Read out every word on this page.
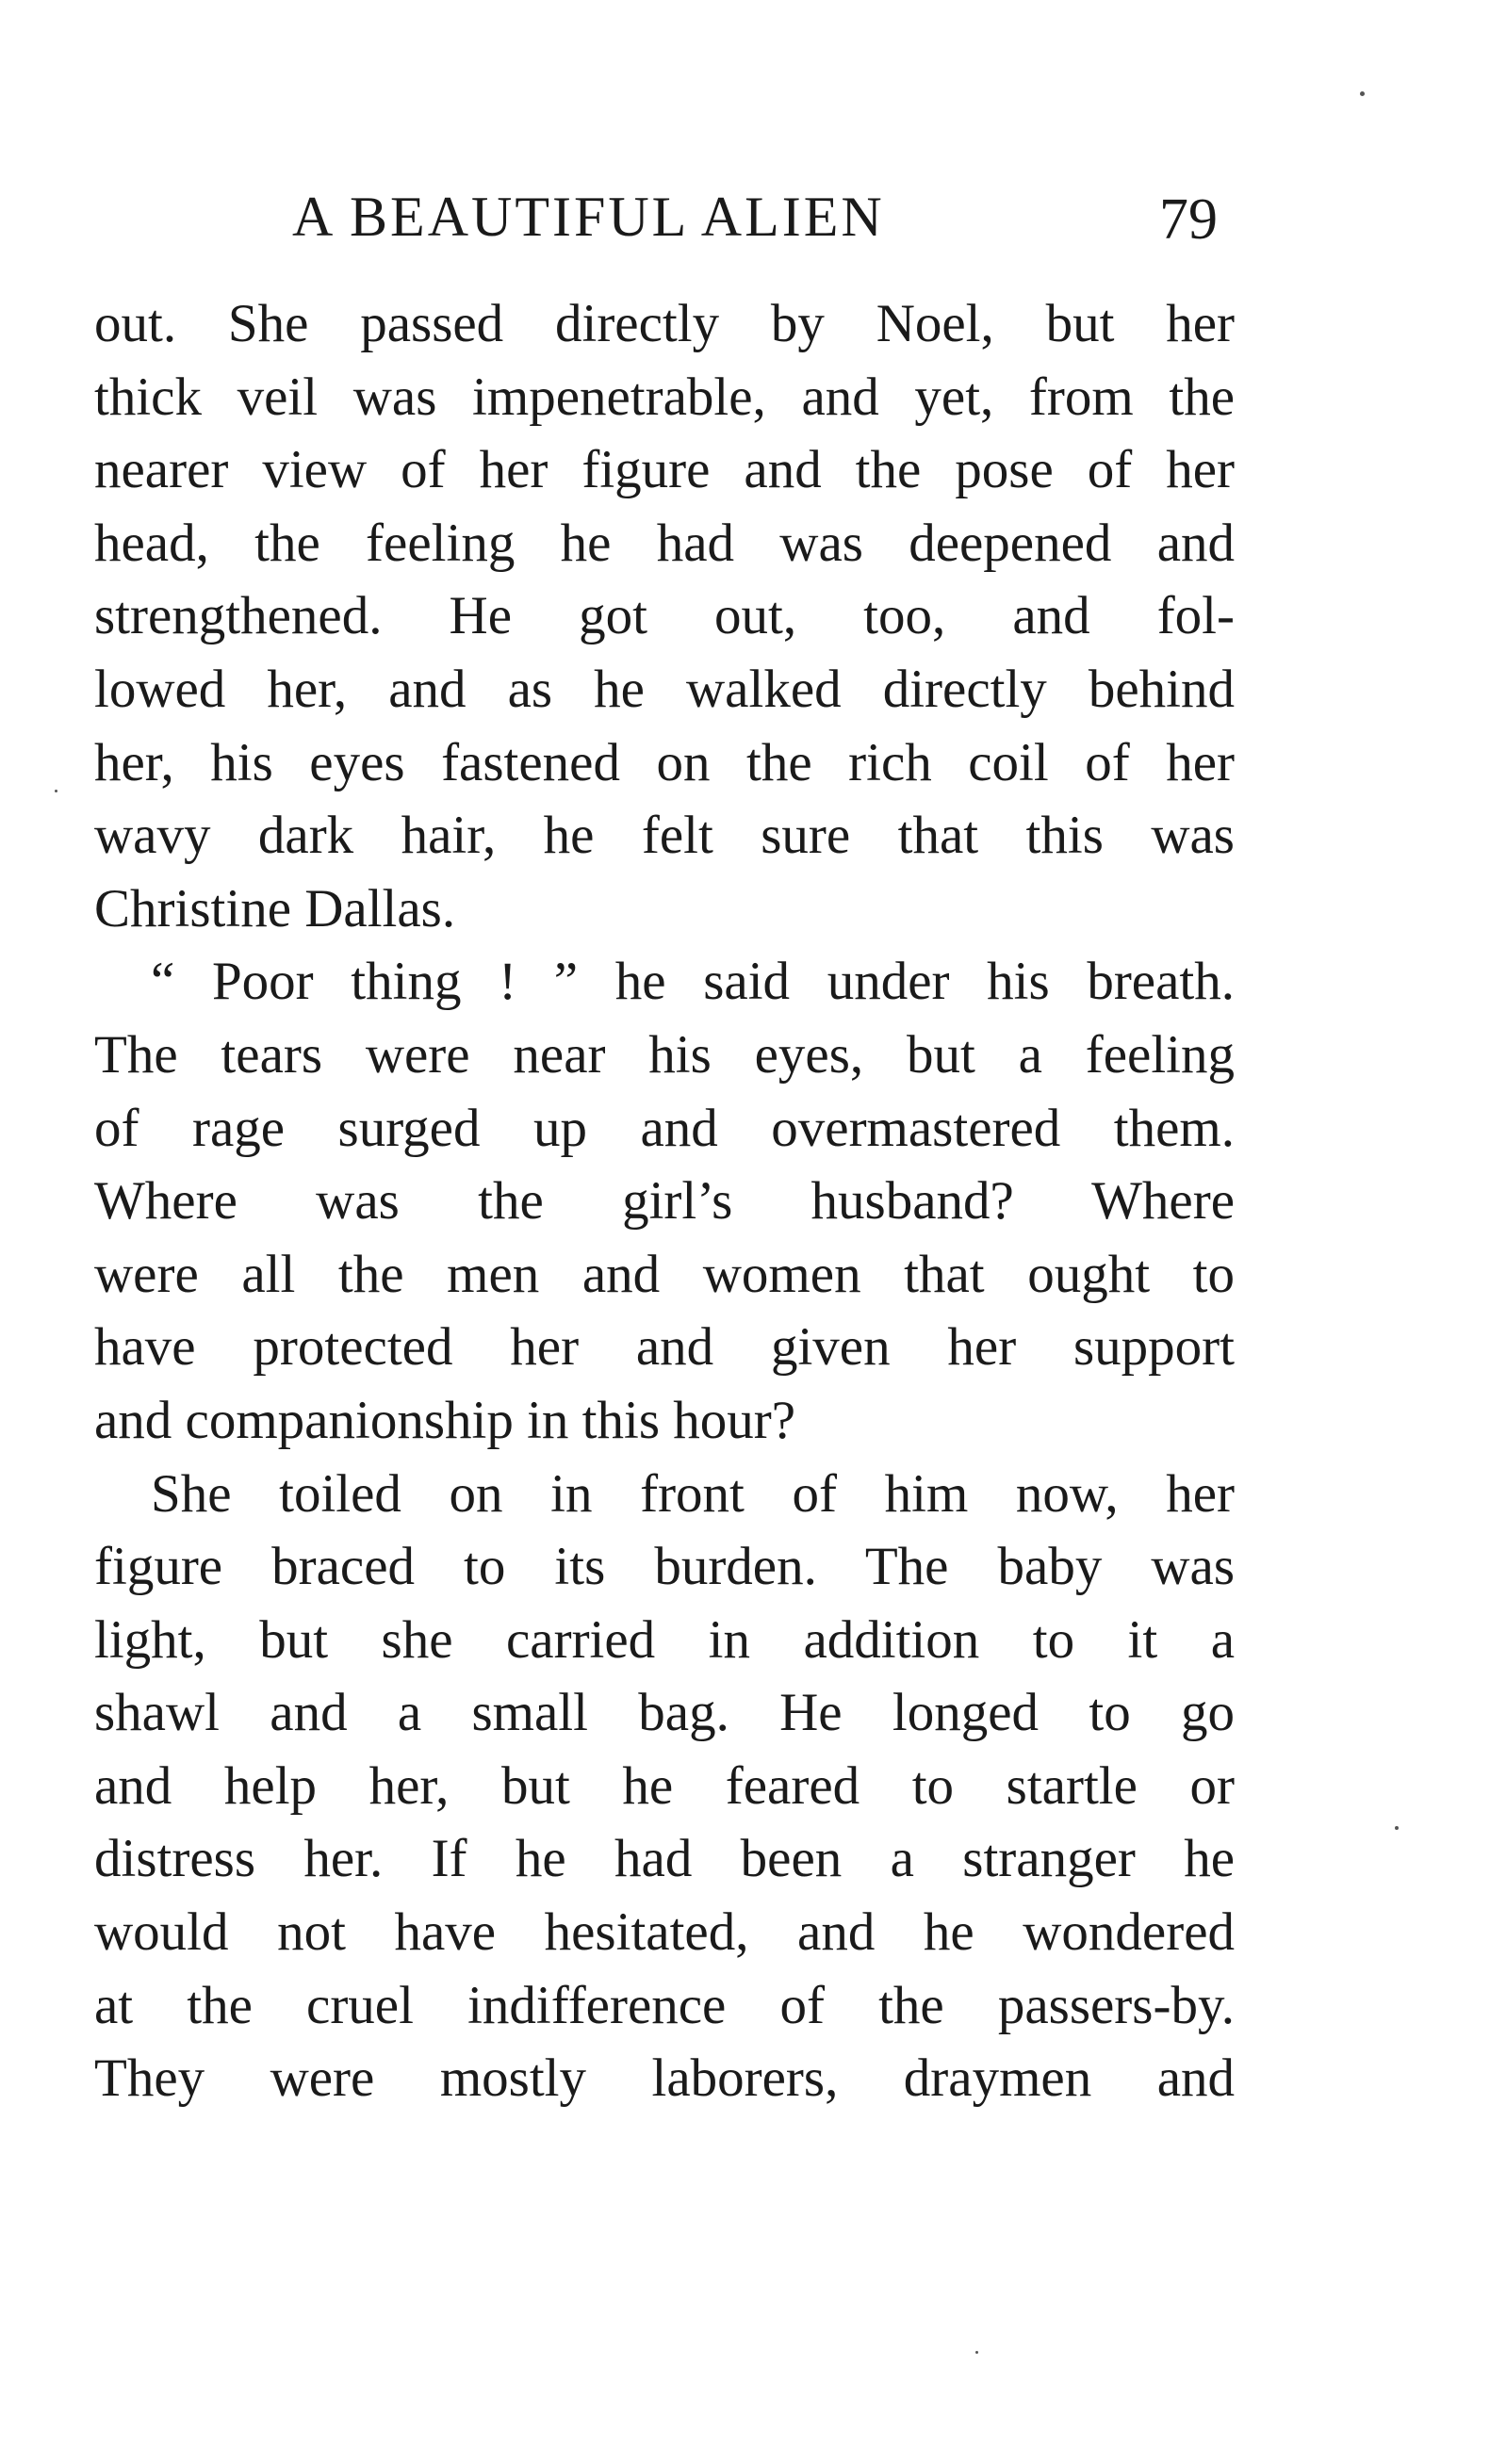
A BEAUTIFUL ALIEN	79
out. She passed directly by Noel, but her
thick veil was impenetrable, and yet, from the
nearer view of her figure and the pose of her
head, the feeling he had was deepened and
strengthened. He got out, too, and fol-
lowed her, and as he walked directly behind
her, his eyes fastened on the rich coil of her
wavy dark hair, he felt sure that this was
Christine Dallas.
“ Poor thing ! ” he said under his breath.
The tears were near his eyes, but a feeling
of rage surged up and overmastered them.
Where was the girl’s husband? Where
were all the men and women that ought to
have protected her and given her support
and companionship in this hour?
She toiled on in front of him now, her
figure braced to its burden. The baby was
light, but she carried in addition to it a
shawl and a small bag. He longed to go
and help her, but he feared to startle or
distress her. If he had been a stranger he
would not have hesitated, and he wondered
at the cruel indifference of the passers-by.
They were mostly laborers, draymen and
